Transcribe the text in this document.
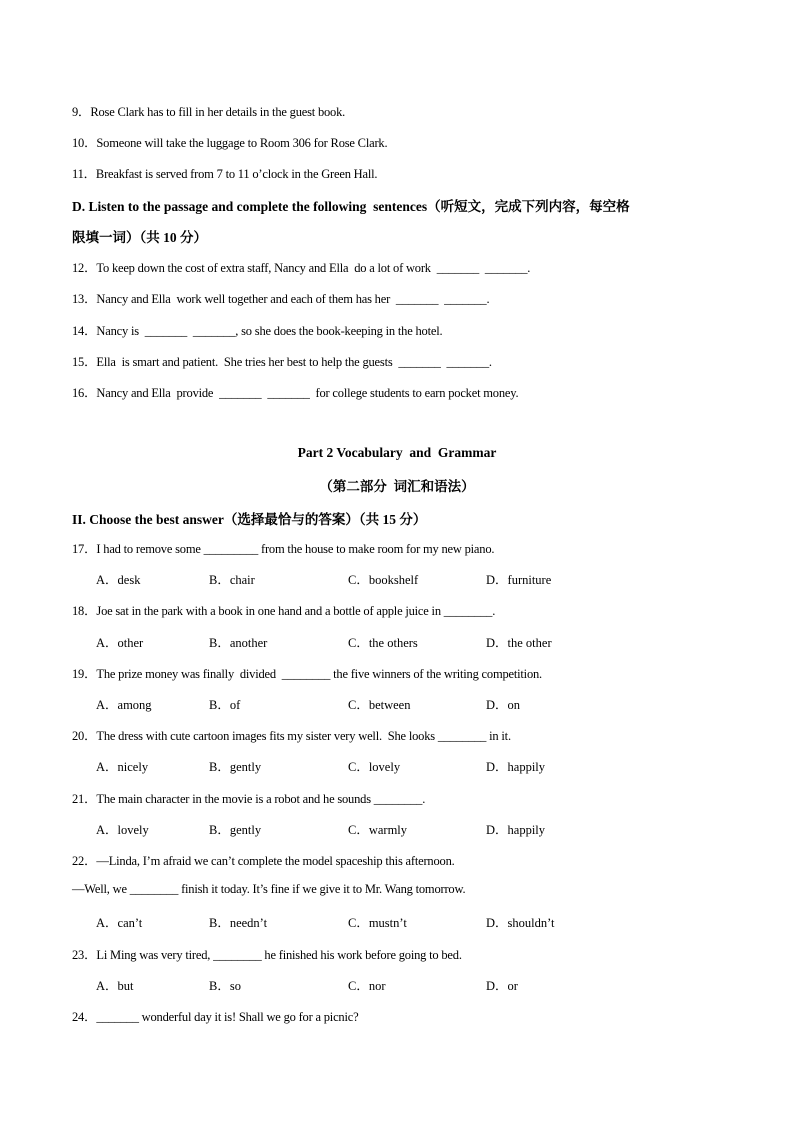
9．Rose Clark has to fill in her details in the guest book.
10．Someone will take the luggage to Room 306 for Rose Clark.
11．Breakfast is served from 7 to 11 o’clock in the Green Hall.
D. Listen to the passage and complete the following  sentences（听短文，完成下列内容，每空格
限填一词）（共 10 分）
12．To keep down the cost of extra staff, Nancy and Ella  do a lot of work  _______  _______.
13．Nancy and Ella  work well together and each of them has her  _______  _______.
14．Nancy is  _______  _______, so she does the book-keeping in the hotel.
15．Ella  is smart and patient.  She tries her best to help the guests  _______  _______.
16．Nancy and Ella  provide  _______  _______  for college students to earn pocket money.
Part 2 Vocabulary  and  Grammar
（第二部分  词汇和语法）
II. Choose the best answer（选择最恰与的答案）（共 15 分）
17．I had to remove some _________ from the house to make room for my new piano.
A．desk	B．chair	C．bookshelf	D．furniture
18．Joe sat in the park with a book in one hand and a bottle of apple juice in ________.
A．other	B．another	C．the others	D．the other
19．The prize money was finally  divided  ________ the five winners of the writing competition.
A．among	B．of	C．between	D．on
20．The dress with cute cartoon images fits my sister very well.  She looks ________ in it.
A．nicely	B．gently	C．lovely	D．happily
21．The main character in the movie is a robot and he sounds ________.
A．lovely	B．gently	C．warmly	D．happily
22．—Linda, I’m afraid we can’t complete the model spaceship this afternoon.
—Well, we ________ finish it today. It’s fine if we give it to Mr. Wang tomorrow.
A．can’t	B．needn’t	C．mustn’t	D．shouldn’t
23．Li Ming was very tired, ________ he finished his work before going to bed.
A．but	B．so	C．nor	D．or
24．_______ wonderful day it is! Shall we go for a picnic?
